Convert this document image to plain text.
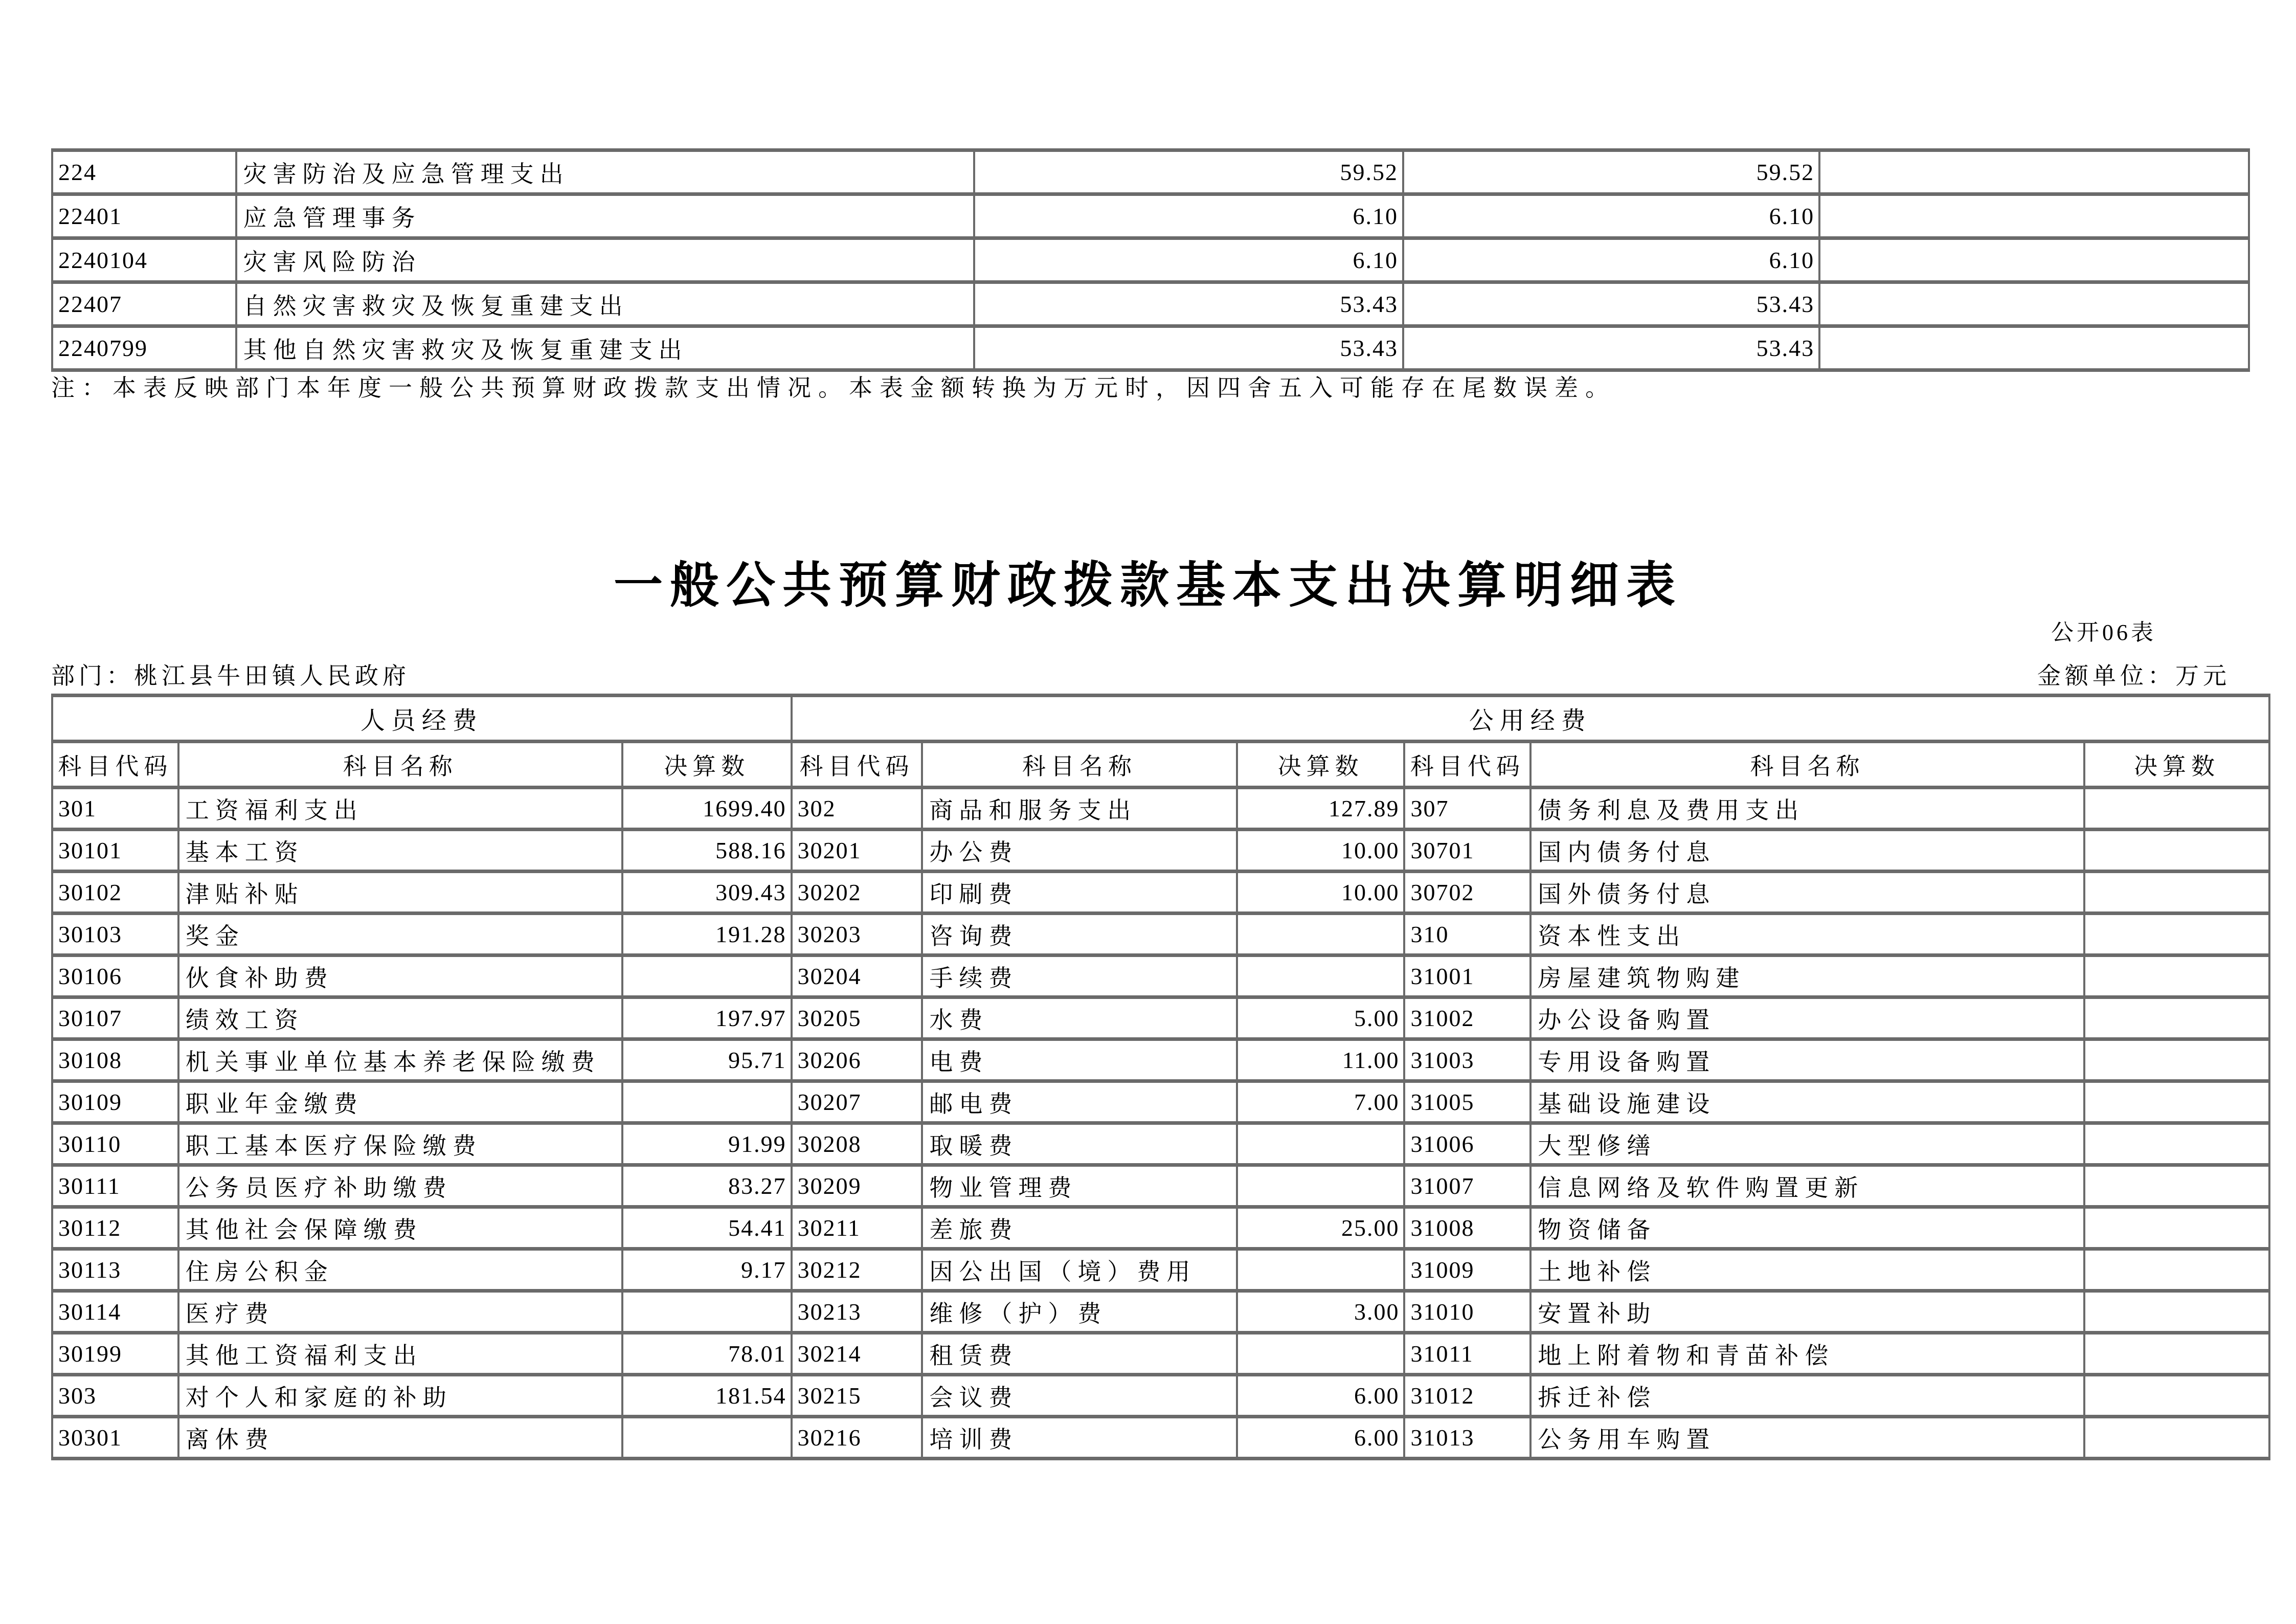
224	灾害防治及应急管理支出	59.52	59.52	
22401	应急管理事务	6.10	6.10	
2240104	灾害风险防治	6.10	6.10	
22407	自然灾害救灾及恢复重建支出	53.43	53.43	
2240799	其他自然灾害救灾及恢复重建支出	53.43	53.43	
注：本表反映部门本年度一般公共预算财政拨款支出情况。本表金额转换为万元时，因四舍五入可能存在尾数误差。
一般公共预算财政拨款基本支出决算明细表
公开06表
部门：桃江县牛田镇人民政府	金额单位：万元
人员经费			公用经费					
科目代码	科目名称	决算数	科目代码	科目名称	决算数	科目代码	科目名称	决算数
301	工资福利支出	1699.40	302	商品和服务支出	127.89	307	债务利息及费用支出	
30101	基本工资	588.16	30201	办公费	10.00	30701	国内债务付息	
30102	津贴补贴	309.43	30202	印刷费	10.00	30702	国外债务付息	
30103	奖金	191.28	30203	咨询费		310	资本性支出	
30106	伙食补助费		30204	手续费		31001	房屋建筑物购建	
30107	绩效工资	197.97	30205	水费	5.00	31002	办公设备购置	
30108	机关事业单位基本养老保险缴费	95.71	30206	电费	11.00	31003	专用设备购置	
30109	职业年金缴费		30207	邮电费	7.00	31005	基础设施建设	
30110	职工基本医疗保险缴费	91.99	30208	取暖费		31006	大型修缮	
30111	公务员医疗补助缴费	83.27	30209	物业管理费		31007	信息网络及软件购置更新	
30112	其他社会保障缴费	54.41	30211	差旅费	25.00	31008	物资储备	
30113	住房公积金	9.17	30212	因公出国（境）费用		31009	土地补偿	
30114	医疗费		30213	维修（护）费	3.00	31010	安置补助	
30199	其他工资福利支出	78.01	30214	租赁费		31011	地上附着物和青苗补偿	
303	对个人和家庭的补助	181.54	30215	会议费	6.00	31012	拆迁补偿	
30301	离休费		30216	培训费	6.00	31013	公务用车购置	
